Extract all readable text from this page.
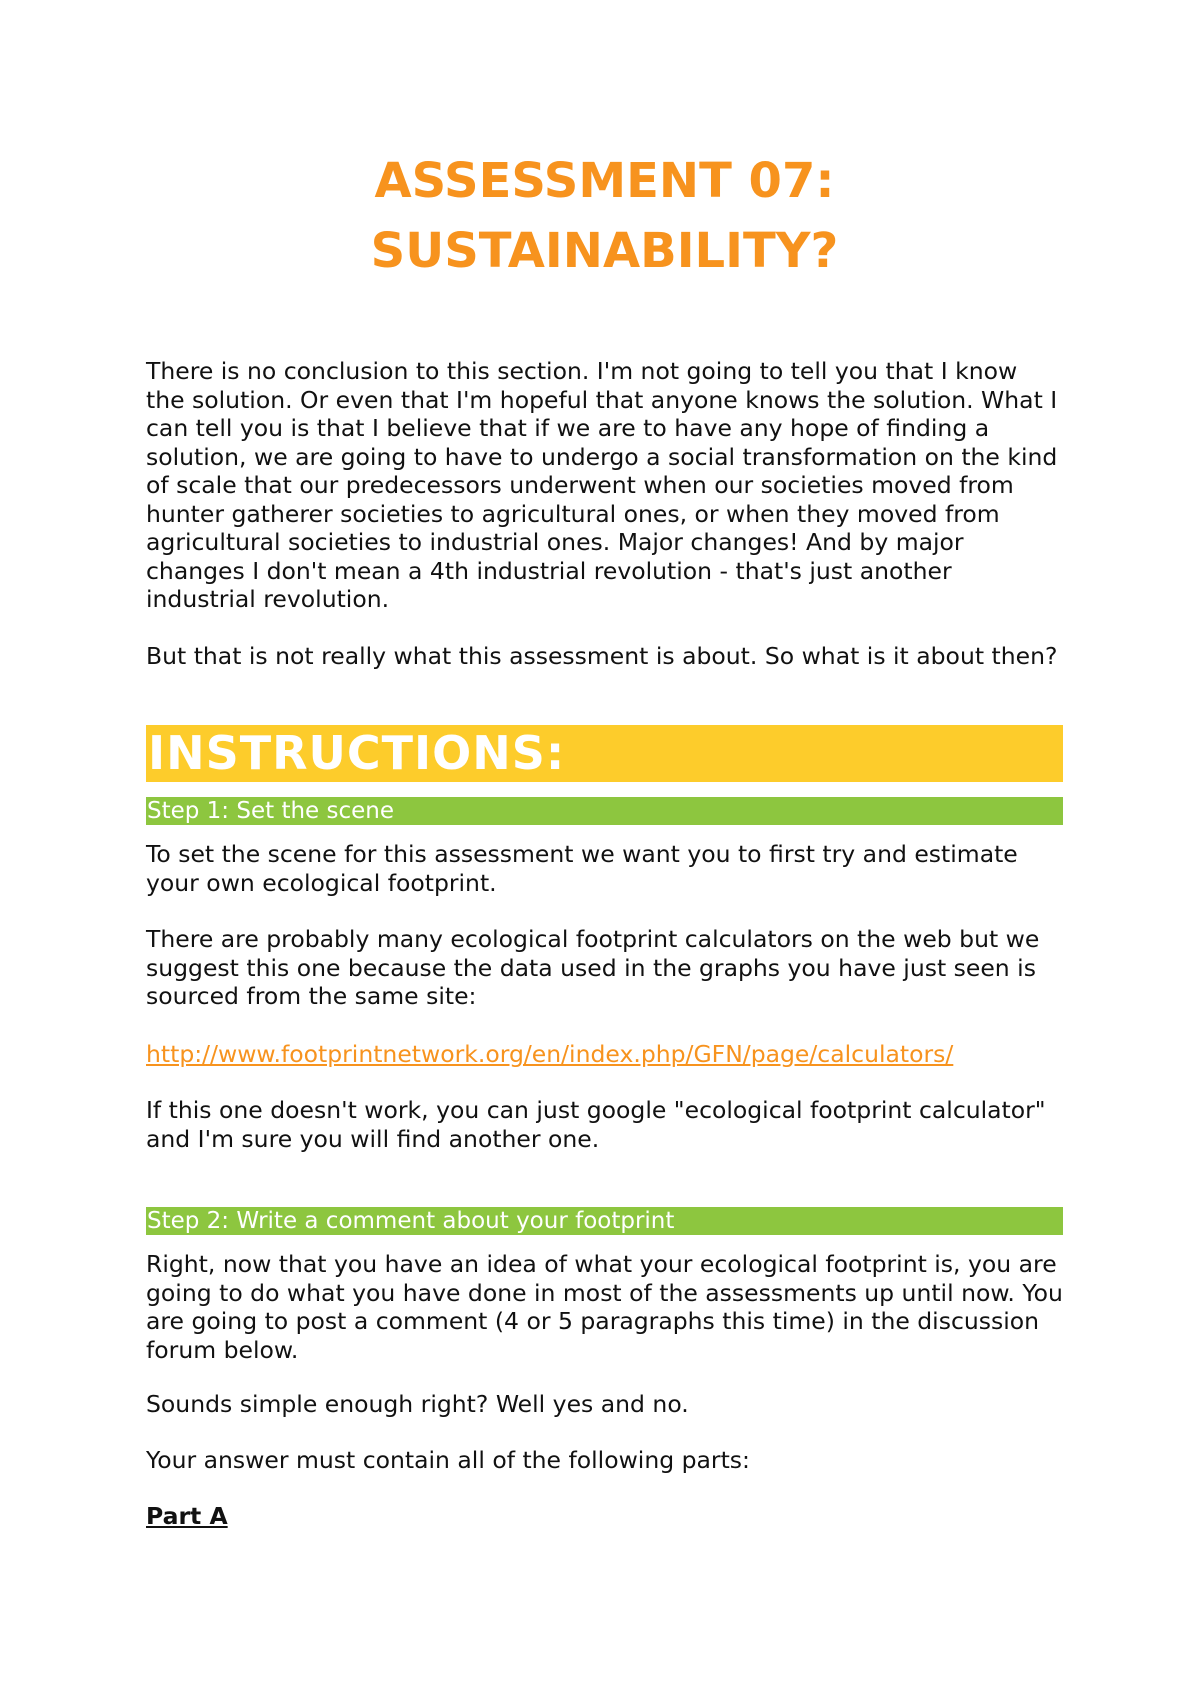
ASSESSMENT 07:
SUSTAINABILITY?

There is no conclusion to this section. I'm not going to tell you that I know the solution. Or even that I'm hopeful that anyone knows the solution. What I can tell you is that I believe that if we are to have any hope of finding a solution, we are going to have to undergo a social transformation on the kind of scale that our predecessors underwent when our societies moved from hunter gatherer societies to agricultural ones, or when they moved from agricultural societies to industrial ones. Major changes! And by major changes I don't mean a 4th industrial revolution - that's just another industrial revolution.

But that is not really what this assessment is about. So what is it about then?

INSTRUCTIONS:
Step 1: Set the scene

To set the scene for this assessment we want you to first try and estimate your own ecological footprint.

There are probably many ecological footprint calculators on the web but we suggest this one because the data used in the graphs you have just seen is sourced from the same site:

http://www.footprintnetwork.org/en/index.php/GFN/page/calculators/

If this one doesn't work, you can just google "ecological footprint calculator" and I'm sure you will find another one.

Step 2: Write a comment about your footprint

Right, now that you have an idea of what your ecological footprint is, you are going to do what you have done in most of the assessments up until now. You are going to post a comment (4 or 5 paragraphs this time) in the discussion forum below.

Sounds simple enough right? Well yes and no.

Your answer must contain all of the following parts:

Part A
